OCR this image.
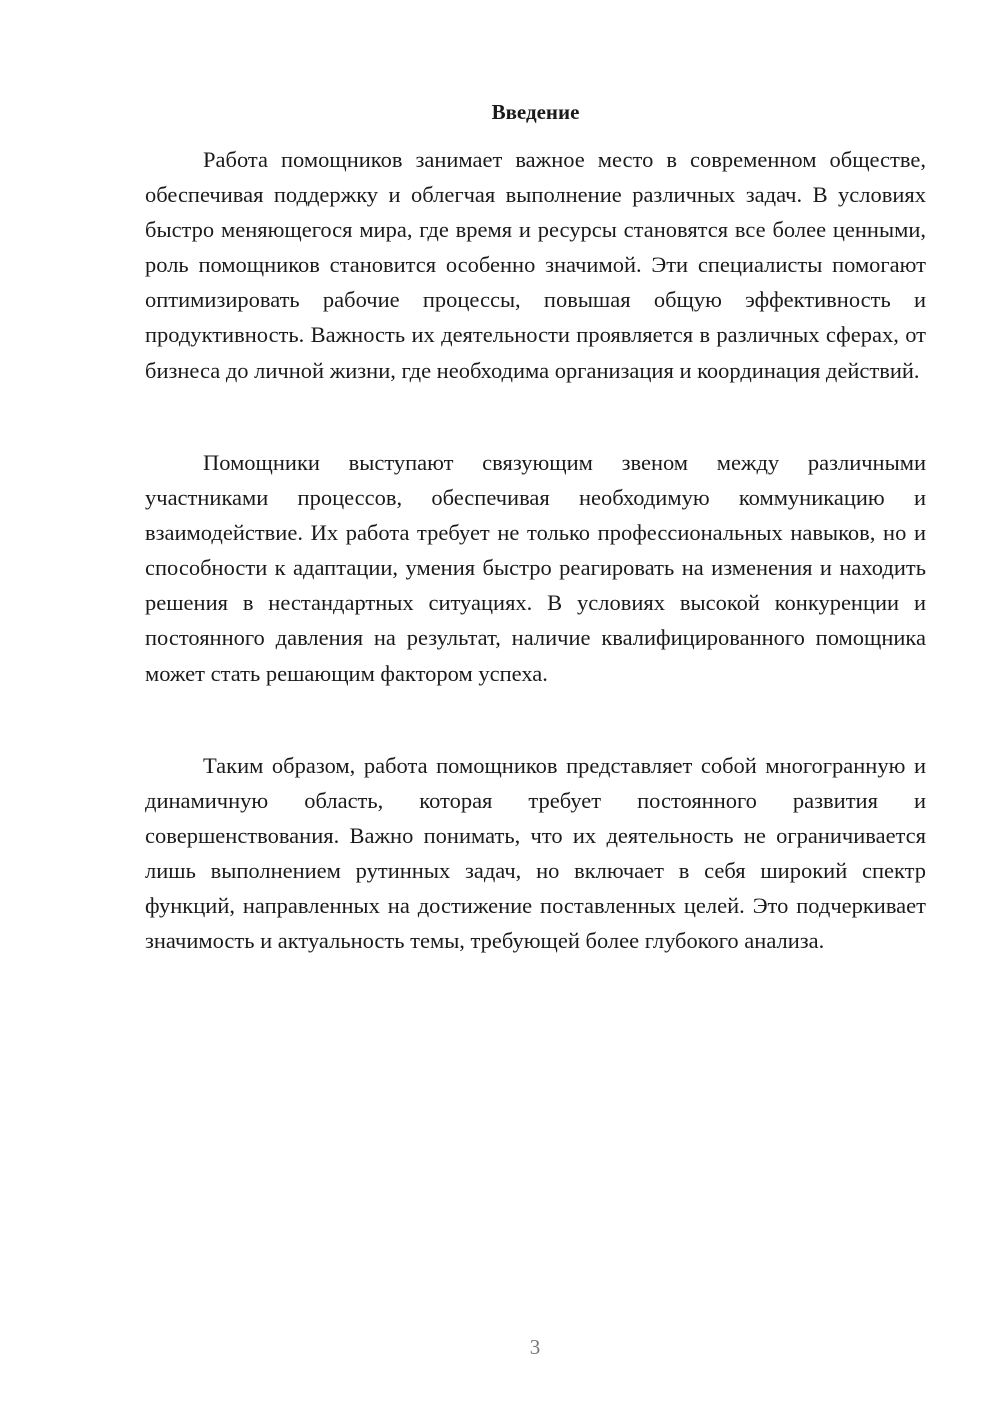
Введение

Работа помощников занимает важное место в современном обществе, обеспечивая поддержку и облегчая выполнение различных задач. В условиях быстро меняющегося мира, где время и ресурсы становятся все более ценными, роль помощников становится особенно значимой. Эти специалисты помогают оптимизировать рабочие процессы, повышая общую эффективность и продуктивность. Важность их деятельности проявляется в различных сферах, от бизнеса до личной жизни, где необходима организация и координация действий.

Помощники выступают связующим звеном между различными участниками процессов, обеспечивая необходимую коммуникацию и взаимодействие. Их работа требует не только профессиональных навыков, но и способности к адаптации, умения быстро реагировать на изменения и находить решения в нестандартных ситуациях. В условиях высокой конкуренции и постоянного давления на результат, наличие квалифицированного помощника может стать решающим фактором успеха.

Таким образом, работа помощников представляет собой многогранную и динамичную область, которая требует постоянного развития и совершенствования. Важно понимать, что их деятельность не ограничивается лишь выполнением рутинных задач, но включает в себя широкий спектр функций, направленных на достижение поставленных целей. Это подчеркивает значимость и актуальность темы, требующей более глубокого анализа.

3
